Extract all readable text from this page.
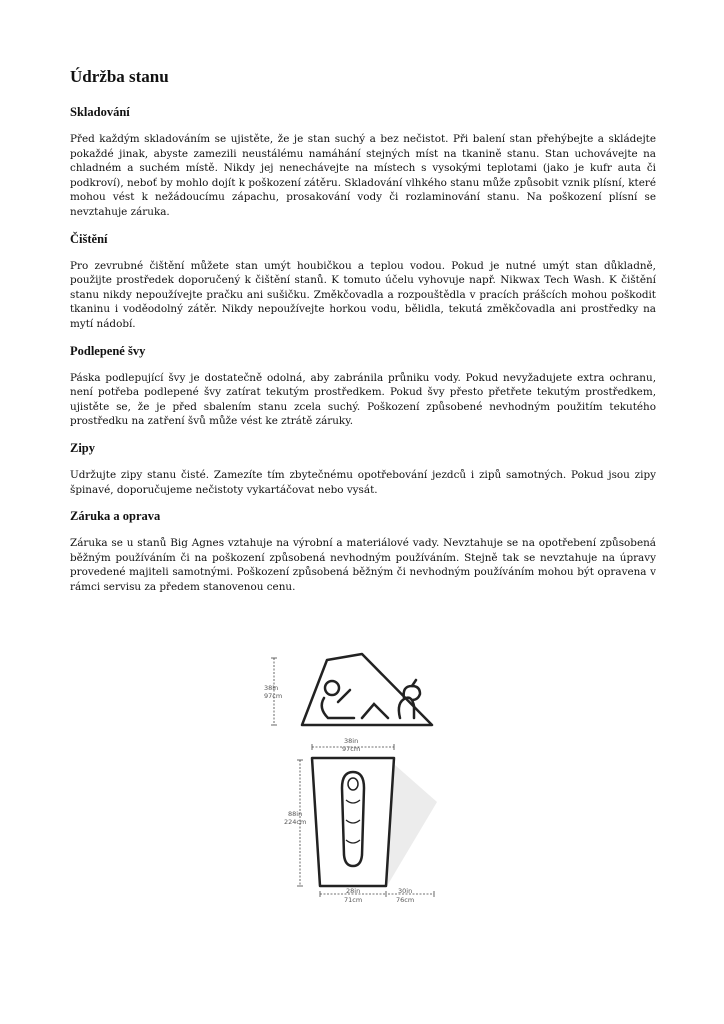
Údržba stanu
Skladování

Před každým skladováním se ujistěte, že je stan suchý a bez nečistot. Při balení stan přehýbejte a skládejte pokaždé jinak, abyste zamezili neustálému namáhání stejných míst na tkanině stanu. Stan uchovávejte na chladném a suchém místě. Nikdy jej nenechávejte na místech s vysokými teplotami (jako je kufr auta či podkroví), neboť by mohlo dojít k poškození zátěru. Skladování vlhkého stanu může způsobit vznik plísní, které mohou vést k nežádoucímu zápachu, prosakování vody či rozlaminování stanu. Na poškození plísní se nevztahuje záruka.

Čištění

Pro zevrubné čištění můžete stan umýt houbičkou a teplou vodou. Pokud je nutné umýt stan důkladně, použijte prostředek doporučený k čištění stanů. K tomuto účelu vyhovuje např. Nikwax Tech Wash. K čištění stanu nikdy nepoužívejte pračku ani sušičku. Změkčovadla a rozpouštědla v pracích prášcích mohou poškodit tkaninu i voděodolný zátěr. Nikdy nepoužívejte horkou vodu, bělidla, tekutá změkčovadla ani prostředky na mytí nádobí.

Podlepené švy

Páska podlepující švy je dostatečně odolná, aby zabránila průniku vody. Pokud nevyžadujete extra ochranu, není potřeba podlepené švy zatírat tekutým prostředkem. Pokud švy přesto přetřete tekutým prostředkem, ujistěte se, že je před sbalením stanu zcela suchý. Poškození způsobené nevhodným použitím tekutého prostředku na zatření švů může vést ke ztrátě záruky.

Zipy

Udržujte zipy stanu čisté. Zamezíte tím zbytečnému opotřebování jezdců i zipů samotných. Pokud jsou zipy špinavé, doporučujeme nečistoty vykartáčovat nebo vysát.

Záruka a oprava

Záruka se u stanů Big Agnes vztahuje na výrobní a materiálové vady. Nevztahuje se na opotřebení způsobená běžným používáním či na poškození způsobená nevhodným používáním. Stejně tak se nevztahuje na úpravy provedené majiteli samotnými. Poškození způsobená běžným či nevhodným používáním mohou být opravena v rámci servisu za předem stanovenou cenu.

38in
97cm
38in
97cm
88in
224cm
28in
71cm
30in
76cm
